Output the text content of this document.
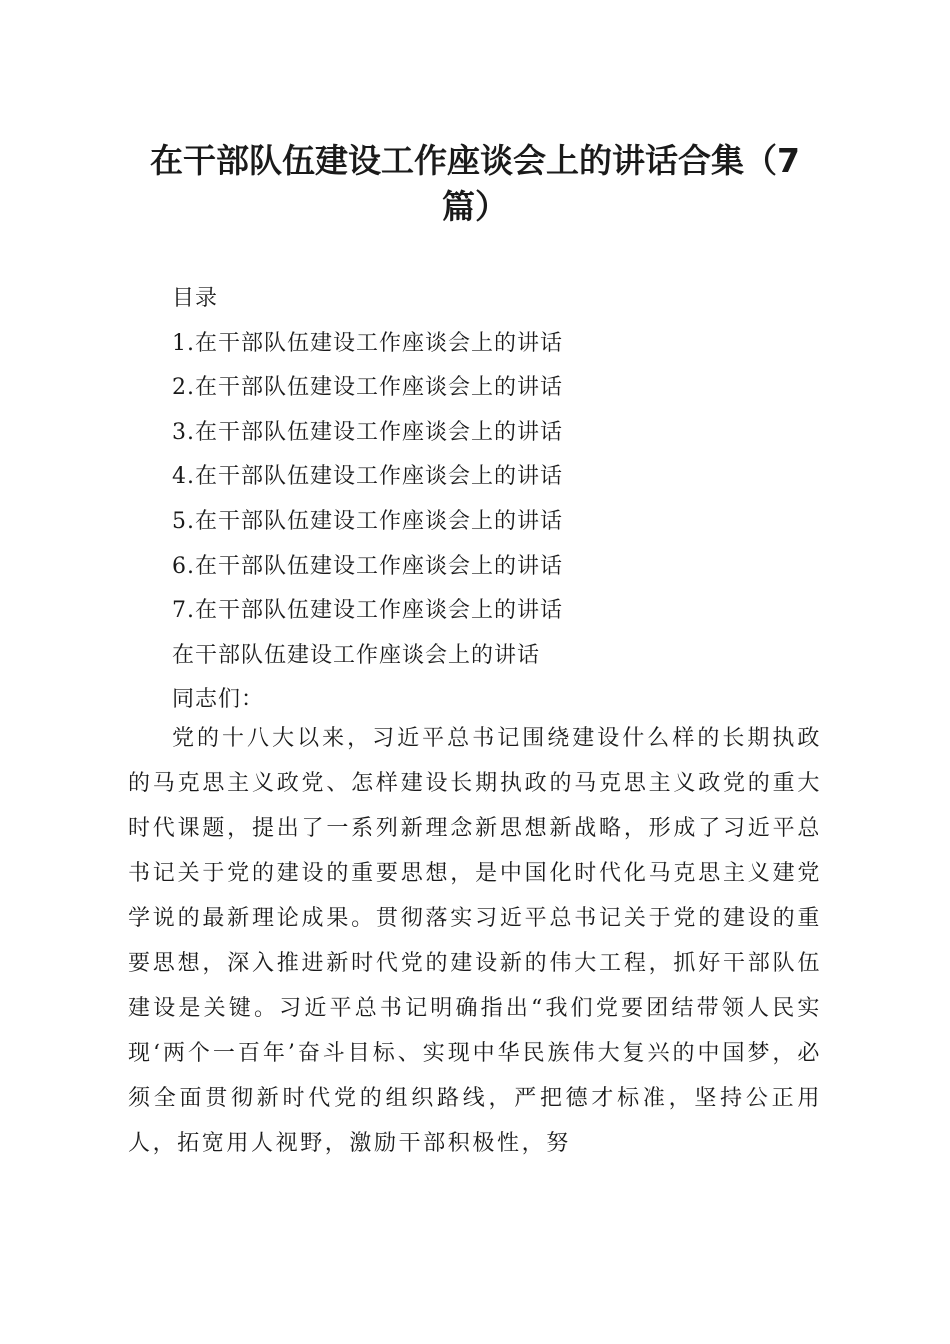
在干部队伍建设工作座谈会上的讲话合集（7
篇）
目录
1.在干部队伍建设工作座谈会上的讲话
2.在干部队伍建设工作座谈会上的讲话
3.在干部队伍建设工作座谈会上的讲话
4.在干部队伍建设工作座谈会上的讲话
5.在干部队伍建设工作座谈会上的讲话
6.在干部队伍建设工作座谈会上的讲话
7.在干部队伍建设工作座谈会上的讲话
在干部队伍建设工作座谈会上的讲话
同志们：

党的十八大以来，习近平总书记围绕建设什么样的长期执政的马克思主义政党、怎样建设长期执政的马克思主义政党的重大时代课题，提出了一系列新理念新思想新战略，形成了习近平总书记关于党的建设的重要思想，是中国化时代化马克思主义建党学说的最新理论成果。贯彻落实习近平总书记关于党的建设的重要思想，深入推进新时代党的建设新的伟大工程，抓好干部队伍建设是关键。习近平总书记明确指出“我们党要团结带领人民实现‘两个一百年’奋斗目标、实现中华民族伟大复兴的中国梦，必须全面贯彻新时代党的组织路线，严把德才标准，坚持公正用人，拓宽用人视野，激励干部积极性，努
